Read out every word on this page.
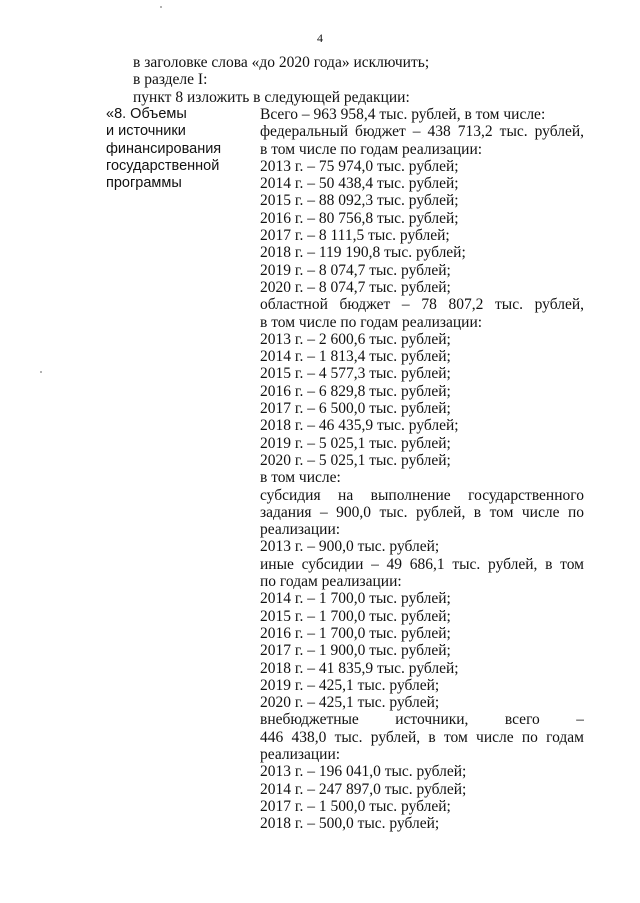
4
в заголовке слова «до 2020 года» исключить;
в разделе I:
пункт 8 изложить в следующей редакции:
«8. Объемы
и источники
финансирования
государственной
программы
Всего – 963 958,4 тыс. рублей, в том числе:
федеральный бюджет – 438 713,2 тыс. рублей,
в том числе по годам реализации:
2013 г. – 75 974,0 тыс. рублей;
2014 г. – 50 438,4 тыс. рублей;
2015 г. – 88 092,3 тыс. рублей;
2016 г. – 80 756,8 тыс. рублей;
2017 г. – 8 111,5 тыс. рублей;
2018 г. – 119 190,8 тыс. рублей;
2019 г. – 8 074,7 тыс. рублей;
2020 г. – 8 074,7 тыс. рублей;
областной бюджет – 78 807,2 тыс. рублей,
в том числе по годам реализации:
2013 г. – 2 600,6 тыс. рублей;
2014 г. – 1 813,4 тыс. рублей;
2015 г. – 4 577,3 тыс. рублей;
2016 г. – 6 829,8 тыс. рублей;
2017 г. – 6 500,0 тыс. рублей;
2018 г. – 46 435,9 тыс. рублей;
2019 г. – 5 025,1 тыс. рублей;
2020 г. – 5 025,1 тыс. рублей;
в том числе:
субсидия на выполнение государственного
задания – 900,0 тыс. рублей, в том числе по
реализации:
2013 г. – 900,0 тыс. рублей;
иные субсидии – 49 686,1 тыс. рублей, в том
по годам реализации:
2014 г. – 1 700,0 тыс. рублей;
2015 г. – 1 700,0 тыс. рублей;
2016 г. – 1 700,0 тыс. рублей;
2017 г. – 1 900,0 тыс. рублей;
2018 г. – 41 835,9 тыс. рублей;
2019 г. – 425,1 тыс. рублей;
2020 г. – 425,1 тыс. рублей;
внебюджетные источники, всего –
446 438,0 тыс. рублей, в том числе по годам
реализации:
2013 г. – 196 041,0 тыс. рублей;
2014 г. – 247 897,0 тыс. рублей;
2017 г. – 1 500,0 тыс. рублей;
2018 г. – 500,0 тыс. рублей;
